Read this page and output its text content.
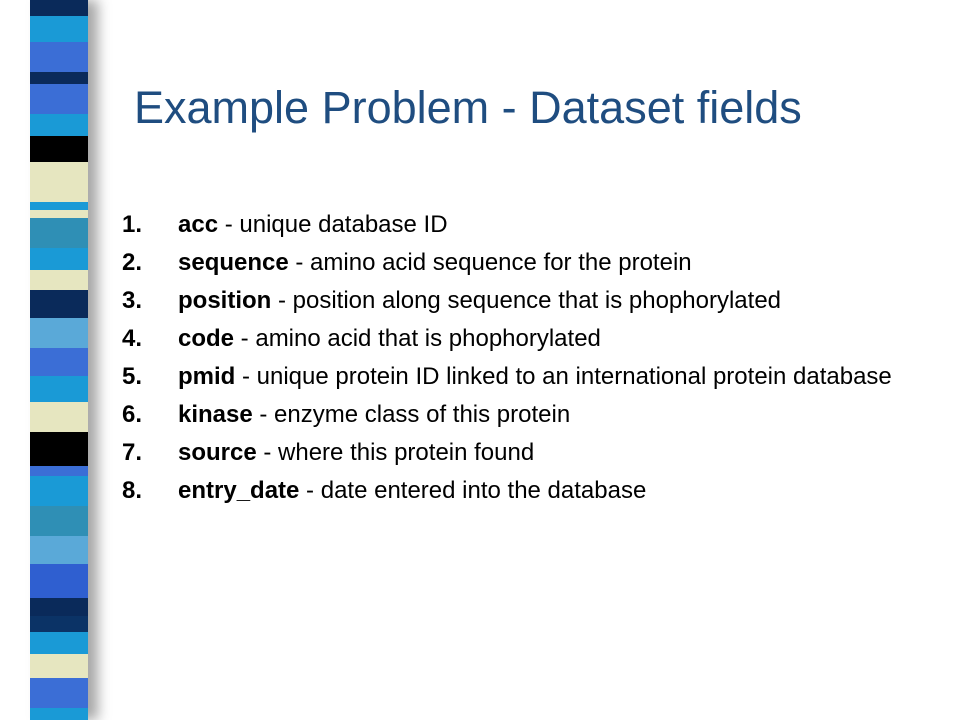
Example Problem - Dataset fields
1.	acc - unique database ID
2.	sequence - amino acid sequence for the protein
3.	position - position along sequence that is phophorylated
4.	code - amino acid that is phophorylated
5.	pmid - unique protein ID linked to an international protein database
6.	kinase - enzyme class of this protein
7.	source - where this protein found
8.	entry_date - date entered into the database
